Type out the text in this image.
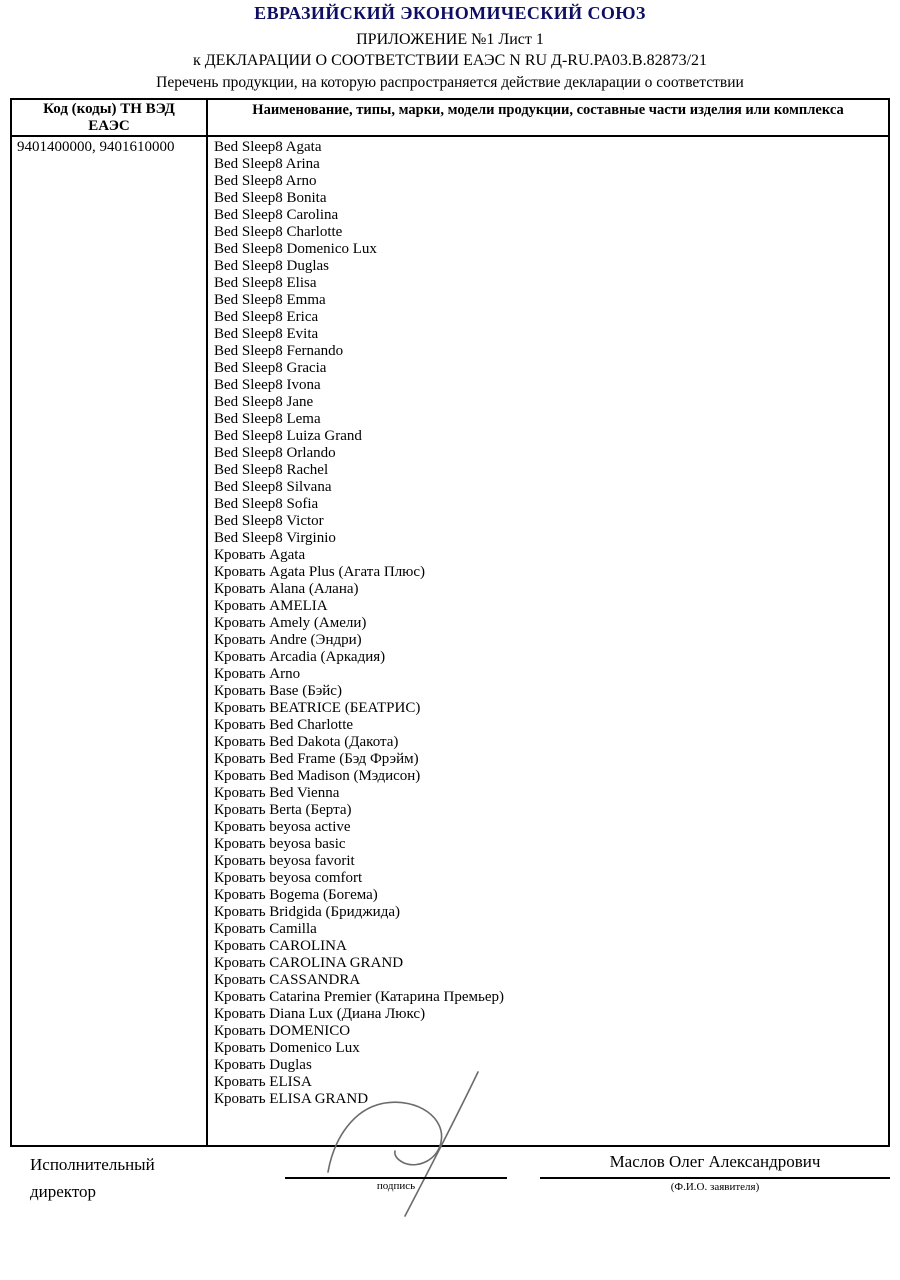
ЕВРАЗИЙСКИЙ ЭКОНОМИЧЕСКИЙ СОЮЗ
ПРИЛОЖЕНИЕ №1 Лист 1
к ДЕКЛАРАЦИИ О СООТВЕТСТВИИ ЕАЭС N RU Д-RU.РА03.В.82873/21
Перечень продукции, на которую распространяется действие декларации о соответствии
Код (коды) ТН ВЭД ЕАЭС
Наименование, типы, марки, модели продукции, составные части изделия или комплекса
9401400000, 9401610000	Bed Sleep8 Agata
Bed Sleep8 Arina
Bed Sleep8 Arno
Bed Sleep8 Bonita
Bed Sleep8 Carolina
Bed Sleep8 Charlotte
Bed Sleep8 Domenico Lux
Bed Sleep8 Duglas
Bed Sleep8 Elisa
Bed Sleep8 Emma
Bed Sleep8 Erica
Bed Sleep8 Evita
Bed Sleep8 Fernando
Bed Sleep8 Gracia
Bed Sleep8 Ivona
Bed Sleep8 Jane
Bed Sleep8 Lema
Bed Sleep8 Luiza Grand
Bed Sleep8 Orlando
Bed Sleep8 Rachel
Bed Sleep8 Silvana
Bed Sleep8 Sofia
Bed Sleep8 Victor
Bed Sleep8 Virginio
Кровать Agata
Кровать Agata Plus (Агата Плюс)
Кровать Alana (Алана)
Кровать AMELIA
Кровать Amely (Амели)
Кровать Andre (Эндри)
Кровать Arcadia (Аркадия)
Кровать Arno
Кровать Base (Бэйс)
Кровать BEATRICE (БЕАТРИС)
Кровать Bed Charlotte
Кровать Bed Dakota (Дакота)
Кровать Bed Frame (Бэд Фрэйм)
Кровать Bed Madison (Мэдисон)
Кровать Bed Vienna
Кровать Berta (Берта)
Кровать beyosa active
Кровать beyosa basic
Кровать beyosa favorit
Кровать beyosa comfort
Кровать Bogema (Богема)
Кровать Bridgida (Бриджида)
Кровать Camilla
Кровать CAROLINA
Кровать CAROLINA GRAND
Кровать CASSANDRA
Кровать Catarina Premier (Катарина Премьер)
Кровать Diana Lux (Диана Люкс)
Кровать DOMENICO
Кровать Domenico Lux
Кровать Duglas
Кровать ELISA
Кровать ELISA GRAND
Исполнительный директор	подпись
Маслов Олег Александрович
(Ф.И.О. заявителя)
